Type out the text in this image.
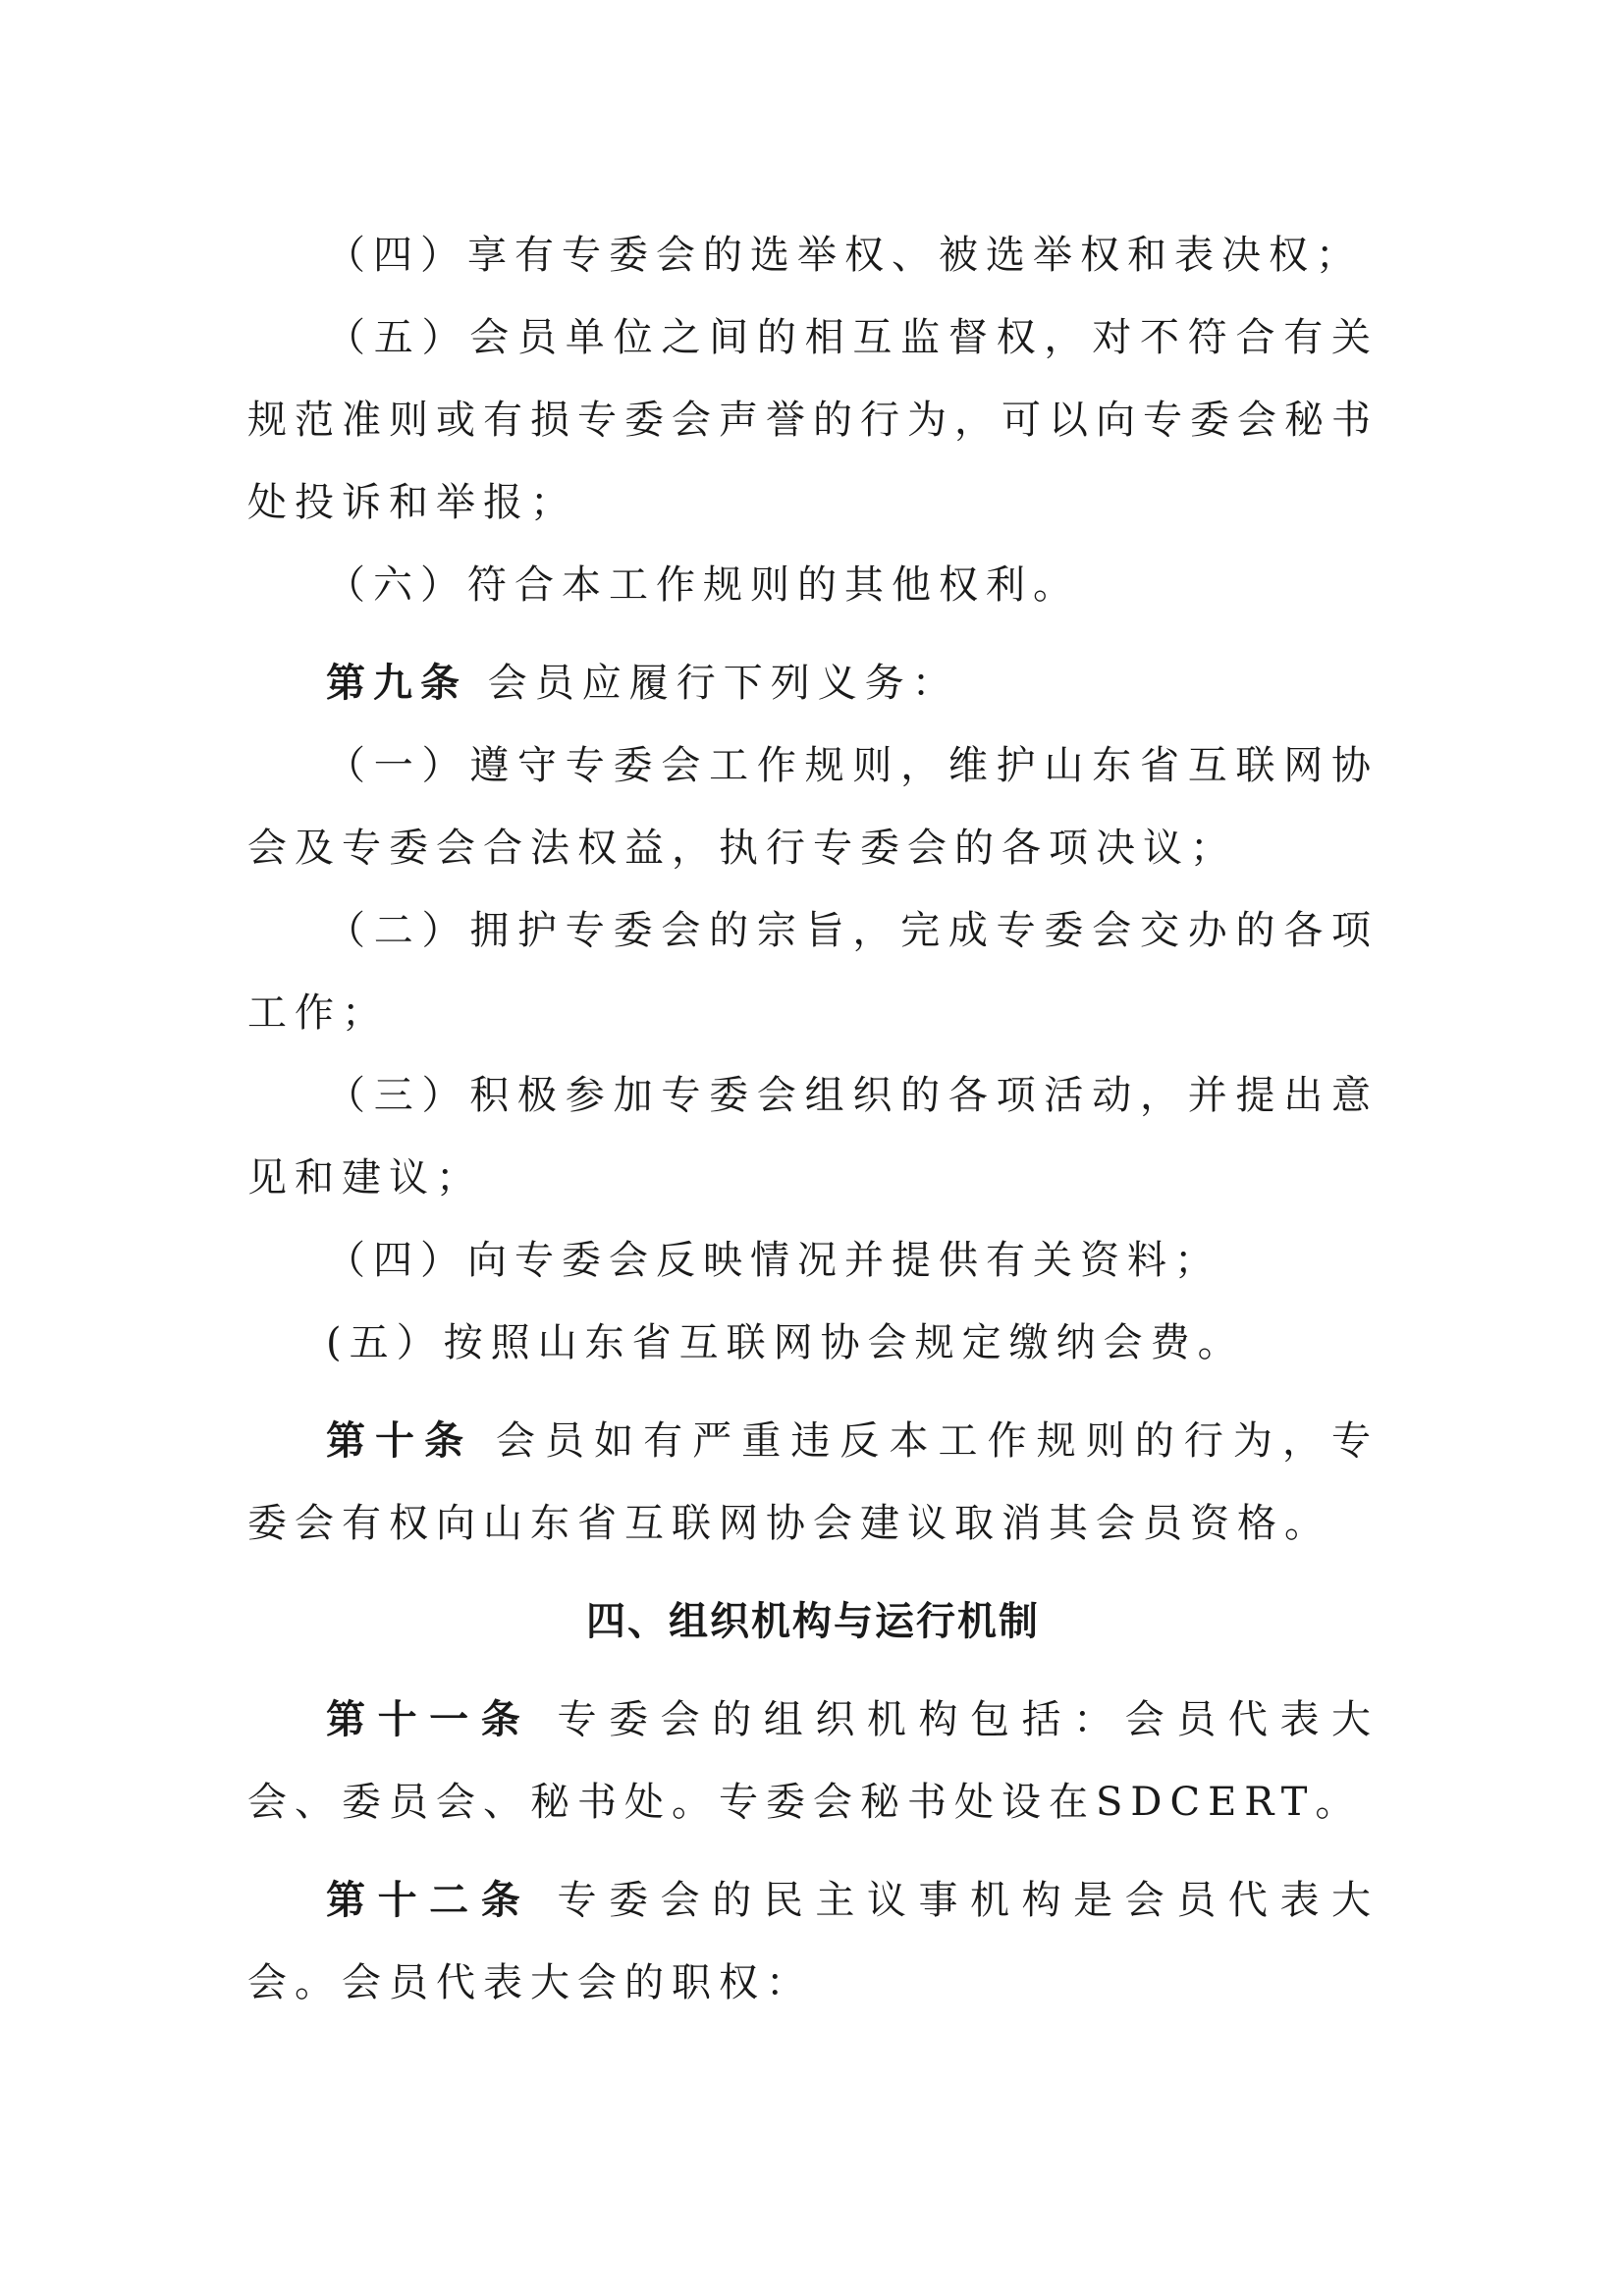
（四）享有专委会的选举权、被选举权和表决权；

（五）会员单位之间的相互监督权，对不符合有关规范准则或有损专委会声誉的行为，可以向专委会秘书处投诉和举报；

（六）符合本工作规则的其他权利。

第九条 会员应履行下列义务：

（一）遵守专委会工作规则，维护山东省互联网协会及专委会合法权益，执行专委会的各项决议；

（二）拥护专委会的宗旨，完成专委会交办的各项工作；

（三）积极参加专委会组织的各项活动，并提出意见和建议；

（四）向专委会反映情况并提供有关资料；

(五）按照山东省互联网协会规定缴纳会费。

第十条 会员如有严重违反本工作规则的行为，专委会有权向山东省互联网协会建议取消其会员资格。

四、组织机构与运行机制

第十一条 专委会的组织机构包括：会员代表大会、委员会、秘书处。专委会秘书处设在SDCERT。

第十二条 专委会的民主议事机构是会员代表大会。会员代表大会的职权：
